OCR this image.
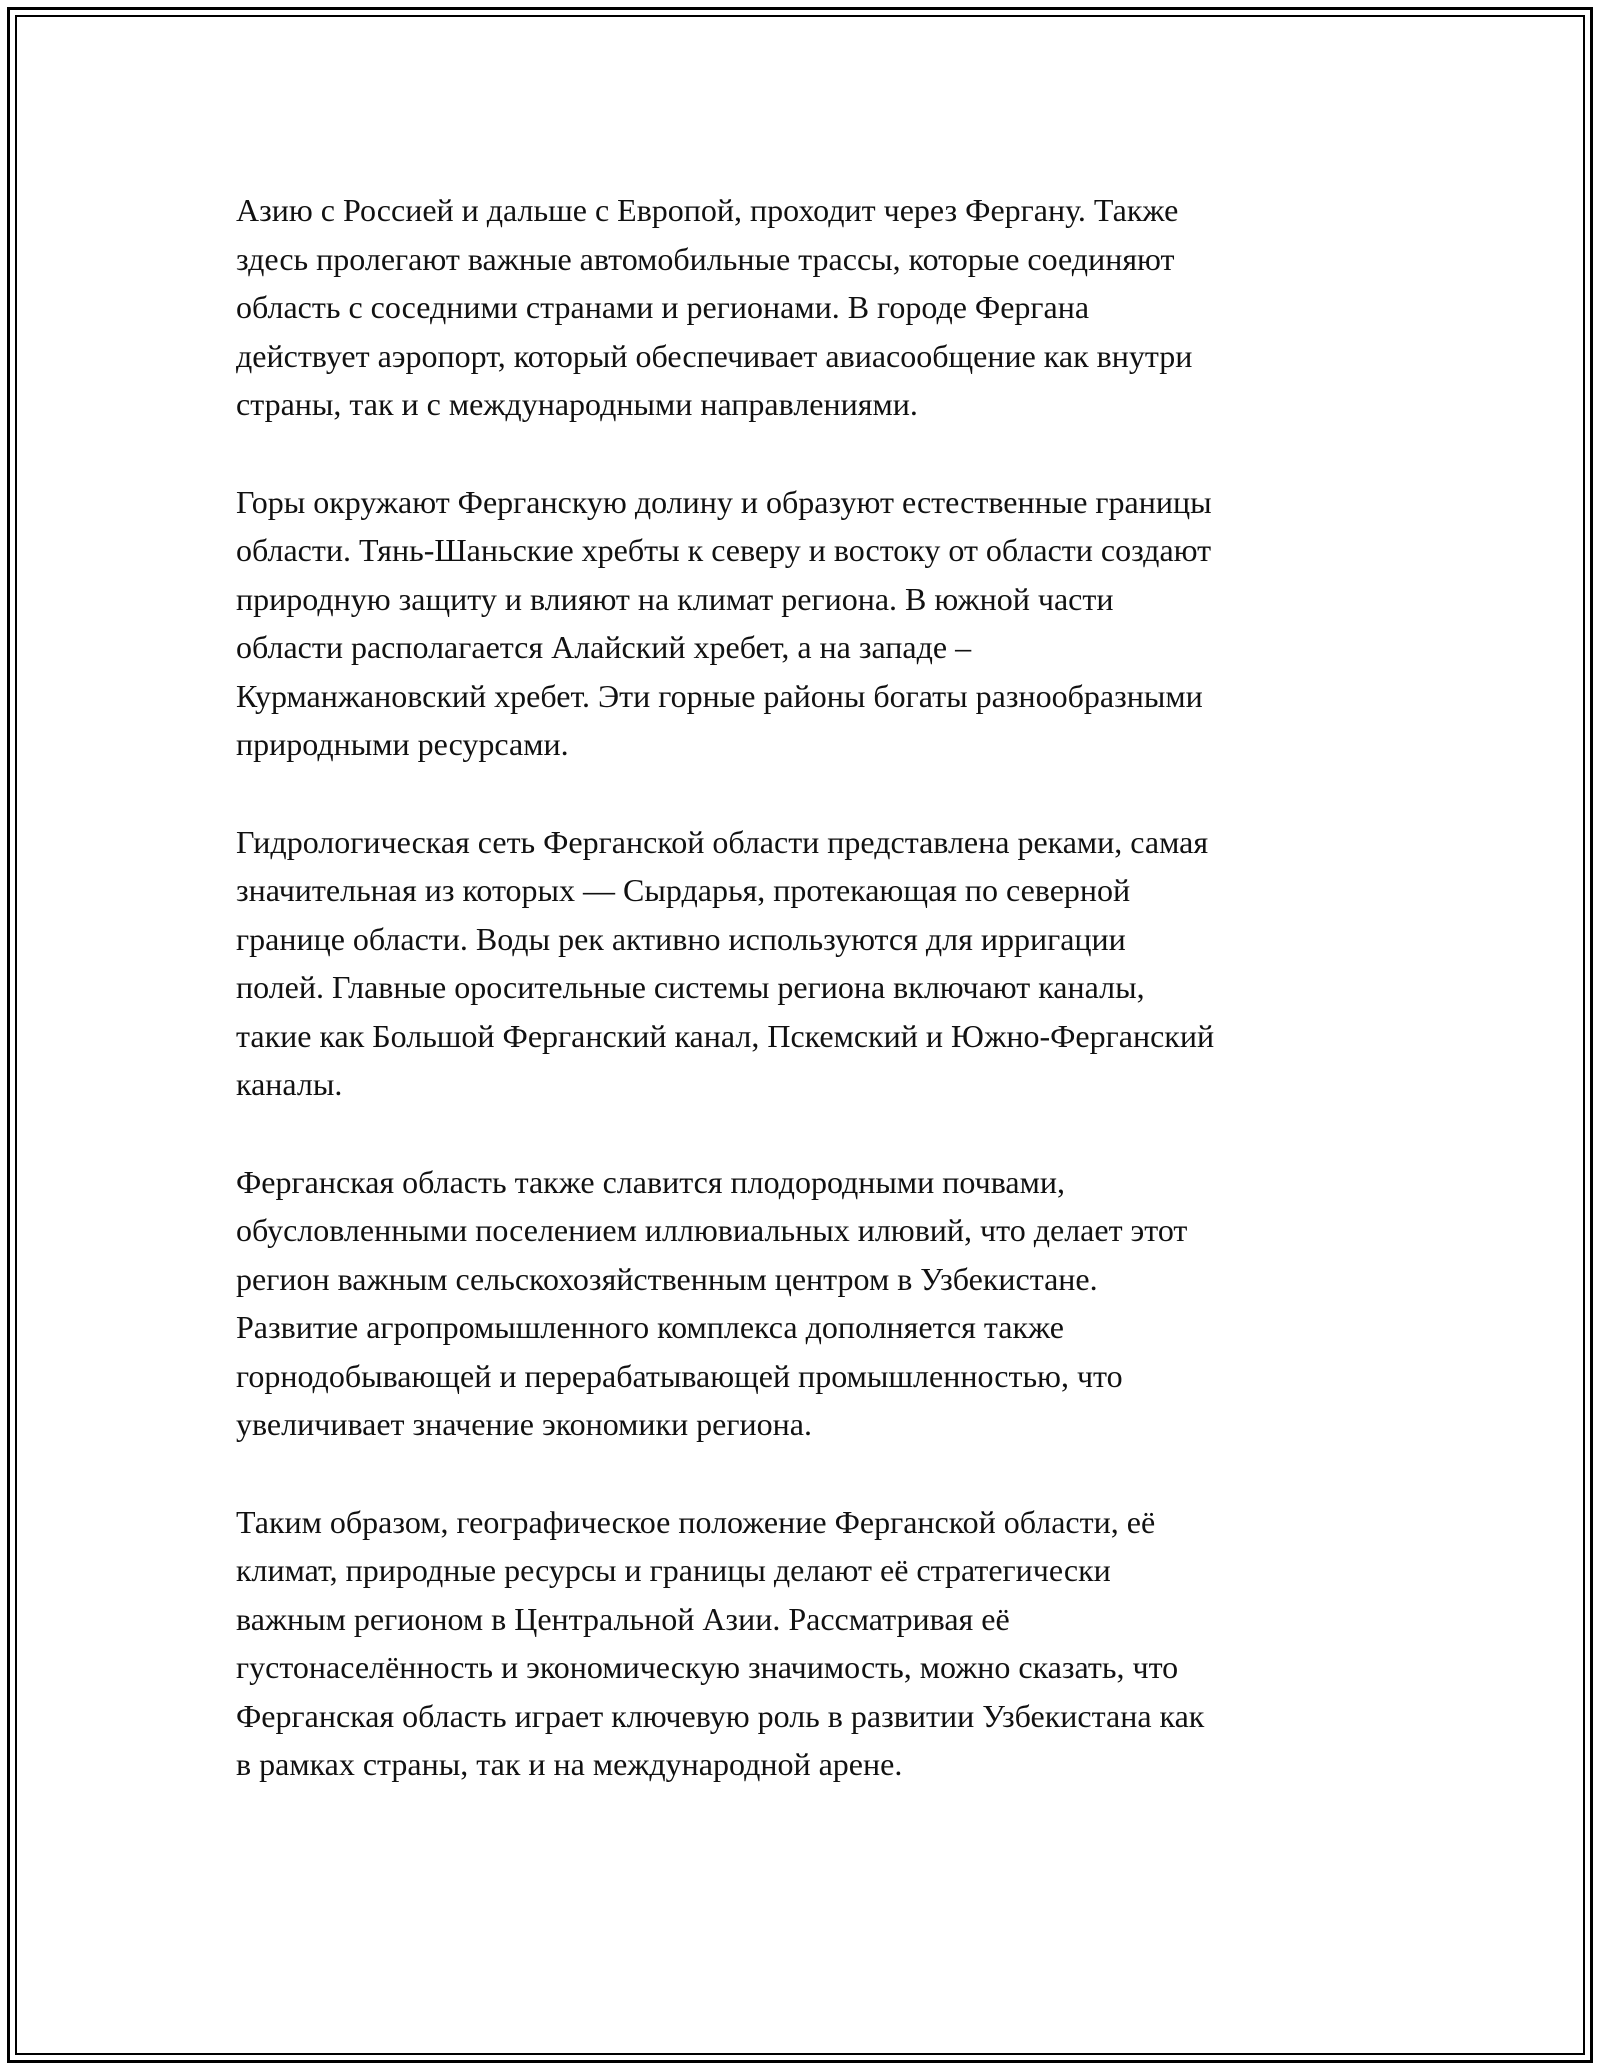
Азию с Россией и дальше с Европой, проходит через Фергану. Также
здесь пролегают важные автомобильные трассы, которые соединяют
область с соседними странами и регионами. В городе Фергана
действует аэропорт, который обеспечивает авиасообщение как внутри
страны, так и с международными направлениями.

Горы окружают Ферганскую долину и образуют естественные границы
области. Тянь-Шаньские хребты к северу и востоку от области создают
природную защиту и влияют на климат региона. В южной части
области располагается Алайский хребет, а на западе –
Курманжановский хребет. Эти горные районы богаты разнообразными
природными ресурсами.

Гидрологическая сеть Ферганской области представлена реками, самая
значительная из которых — Сырдарья, протекающая по северной
границе области. Воды рек активно используются для ирригации
полей. Главные оросительные системы региона включают каналы,
такие как Большой Ферганский канал, Пскемский и Южно-Ферганский
каналы.

Ферганская область также славится плодородными почвами,
обусловленными поселением иллювиальных илювий, что делает этот
регион важным сельскохозяйственным центром в Узбекистане.
Развитие агропромышленного комплекса дополняется также
горнодобывающей и перерабатывающей промышленностью, что
увеличивает значение экономики региона.

Таким образом, географическое положение Ферганской области, её
климат, природные ресурсы и границы делают её стратегически
важным регионом в Центральной Азии. Рассматривая её
густонаселённость и экономическую значимость, можно сказать, что
Ферганская область играет ключевую роль в развитии Узбекистана как
в рамках страны, так и на международной арене.
